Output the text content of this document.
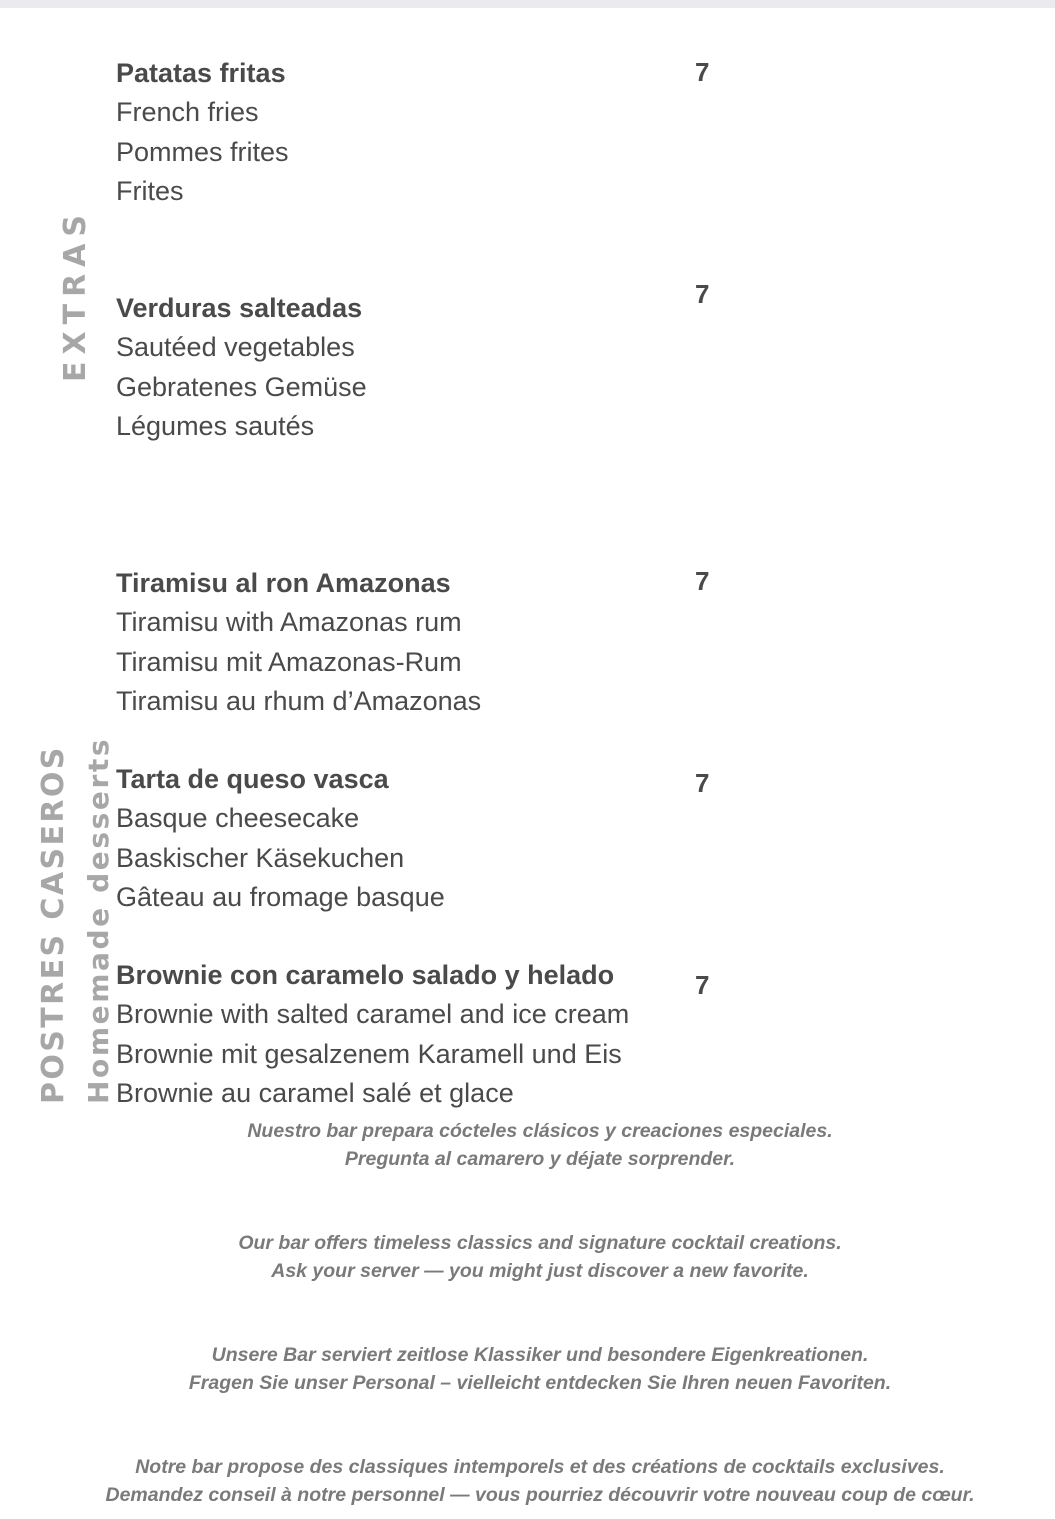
EXTRAS
POSTRES CASEROS Homemade desserts
Patatas fritas
French fries
Pommes frites
Frites
7
Verduras salteadas
Sautéed vegetables
Gebratenes Gemüse
Légumes sautés
7
Tiramisu al ron Amazonas
Tiramisu with Amazonas rum
Tiramisu mit Amazonas-Rum
Tiramisu au rhum d’Amazonas
7
Tarta de queso vasca
Basque cheesecake
Baskischer Käsekuchen
Gâteau au fromage basque
7
Brownie con caramelo salado y helado
Brownie with salted caramel and ice cream
Brownie mit gesalzenem Karamell und Eis
Brownie au caramel salé et glace
7
Nuestro bar prepara cócteles clásicos y creaciones especiales.
Pregunta al camarero y déjate sorprender.
Our bar offers timeless classics and signature cocktail creations.
Ask your server — you might just discover a new favorite.
Unsere Bar serviert zeitlose Klassiker und besondere Eigenkreationen.
Fragen Sie unser Personal – vielleicht entdecken Sie Ihren neuen Favoriten.
Notre bar propose des classiques intemporels et des créations de cocktails exclusives.
Demandez conseil à notre personnel — vous pourriez découvrir votre nouveau coup de cœur.
